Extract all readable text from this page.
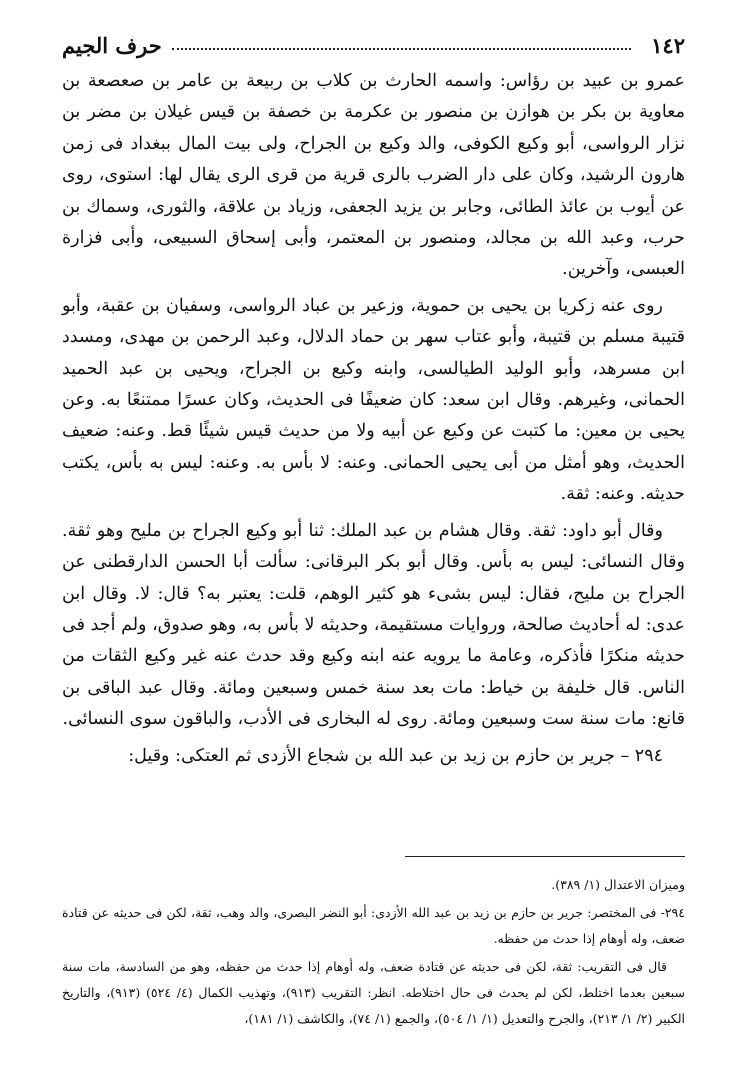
١٤٢
حرف الجيم

عمرو بن عبيد بن رؤاس: واسمه الحارث بن كلاب بن ربيعة بن عامر بن صعصعة بن معاوية بن بكر بن هوازن بن منصور بن عكرمة بن خصفة بن قيس غيلان بن مضر بن نزار الرواسى، أبو وكيع الكوفى، والد وكيع بن الجراح، ولى بيت المال ببغداد فى زمن هارون الرشيد، وكان على دار الضرب بالرى قرية من قرى الرى يقال لها: استوى، روى عن أيوب بن عائذ الطائى، وجابر بن يزيد الجعفى، وزياد بن علاقة، والثورى، وسماك بن حرب، وعبد الله بن مجالد، ومنصور بن المعتمر، وأبى إسحاق السبيعى، وأبى فزارة العبسى، وآخرين.

روى عنه زكريا بن يحيى بن حموية، وزعير بن عباد الرواسى، وسفيان بن عقبة، وأبو قتيبة مسلم بن قتيبة، وأبو عتاب سهر بن حماد الدلال، وعبد الرحمن بن مهدى، ومسدد ابن مسرهد، وأبو الوليد الطيالسى، وابنه وكيع بن الجراح، ويحيى بن عبد الحميد الحمانى، وغيرهم. وقال ابن سعد: كان ضعيفًا فى الحديث، وكان عسرًا ممتنعًا به. وعن يحيى بن معين: ما كتبت عن وكيع عن أبيه ولا من حديث قيس شيئًا قط. وعنه: ضعيف الحديث، وهو أمثل من أبى يحيى الحمانى. وعنه: لا بأس به. وعنه: ليس به بأس، يكتب حديثه. وعنه: ثقة.

وقال أبو داود: ثقة. وقال هشام بن عبد الملك: ثنا أبو وكيع الجراح بن مليح وهو ثقة. وقال النسائى: ليس به بأس. وقال أبو بكر البرقانى: سألت أبا الحسن الدارقطنى عن الجراح بن مليح، فقال: ليس بشىء هو كثير الوهم، قلت: يعتبر به؟ قال: لا. وقال ابن عدى: له أحاديث صالحة، وروايات مستقيمة، وحديثه لا بأس به، وهو صدوق، ولم أجد فى حديثه منكرًا فأذكره، وعامة ما يرويه عنه ابنه وكيع وقد حدث عنه غير وكيع الثقات من الناس. قال خليفة بن خياط: مات بعد سنة خمس وسبعين ومائة. وقال عبد الباقى بن قانع: مات سنة ست وسبعين ومائة. روى له البخارى فى الأدب، والباقون سوى النسائى.

٢٩٤ – جرير بن حازم بن زيد بن عبد الله بن شجاع الأزدى ثم العتكى: وقيل:

وميزان الاعتدال (١/ ٣٨٩).

٢٩٤- فى المختصر: جرير بن حازم بن زيد بن عبد الله الأزدى: أبو النضر البصرى، والد وهب، ثقة، لكن فى حديثه عن قتادة ضعف، وله أوهام إذا حدث من حفظه.

قال فى التقريب: ثقة، لكن فى حديثه عن قتادة ضعف، وله أوهام إذا حدث من حفظه، وهو من السادسة، مات سنة سبعين بعدما اختلط، لكن لم يحدث فى حال اختلاطه. انظر: التقريب (٩١٣)، وتهذيب الكمال (٤/ ٥٢٤) (٩١٣)، والتاريخ الكبير (٢/ ١/ ٢١٣)، والجرح والتعديل (١/ ١/ ٥٠٤)، والجمع (١/ ٧٤)، والكاشف (١/ ١٨١)،
